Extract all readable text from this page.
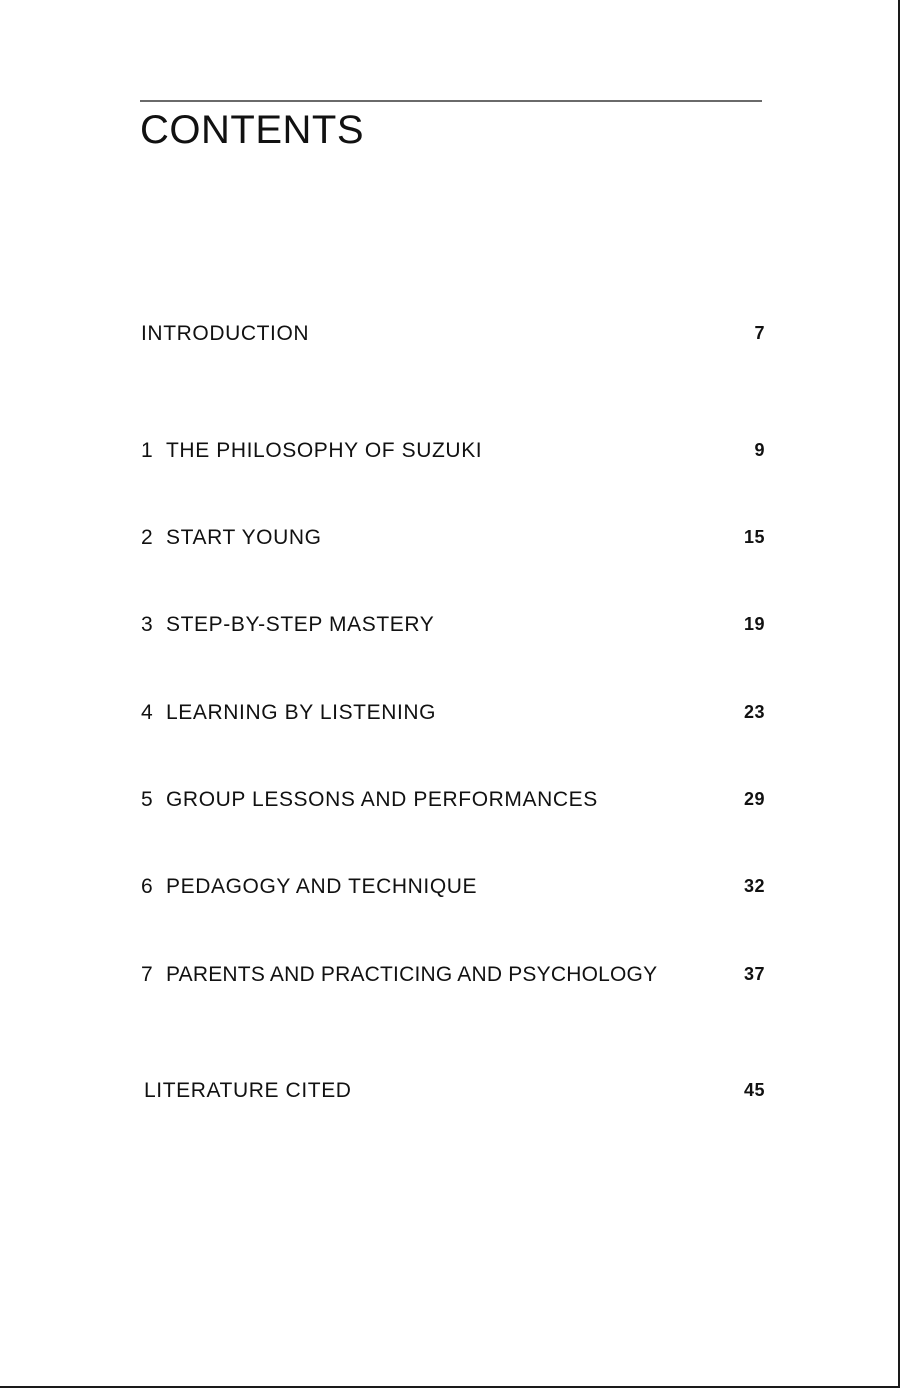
CONTENTS
INTRODUCTION	7
1 THE PHILOSOPHY OF SUZUKI	9
2 START YOUNG	15
3 STEP-BY-STEP MASTERY	19
4 LEARNING BY LISTENING	23
5 GROUP LESSONS AND PERFORMANCES	29
6 PEDAGOGY AND TECHNIQUE	32
7 PARENTS AND PRACTICING AND PSYCHOLOGY	37
LITERATURE CITED	45
